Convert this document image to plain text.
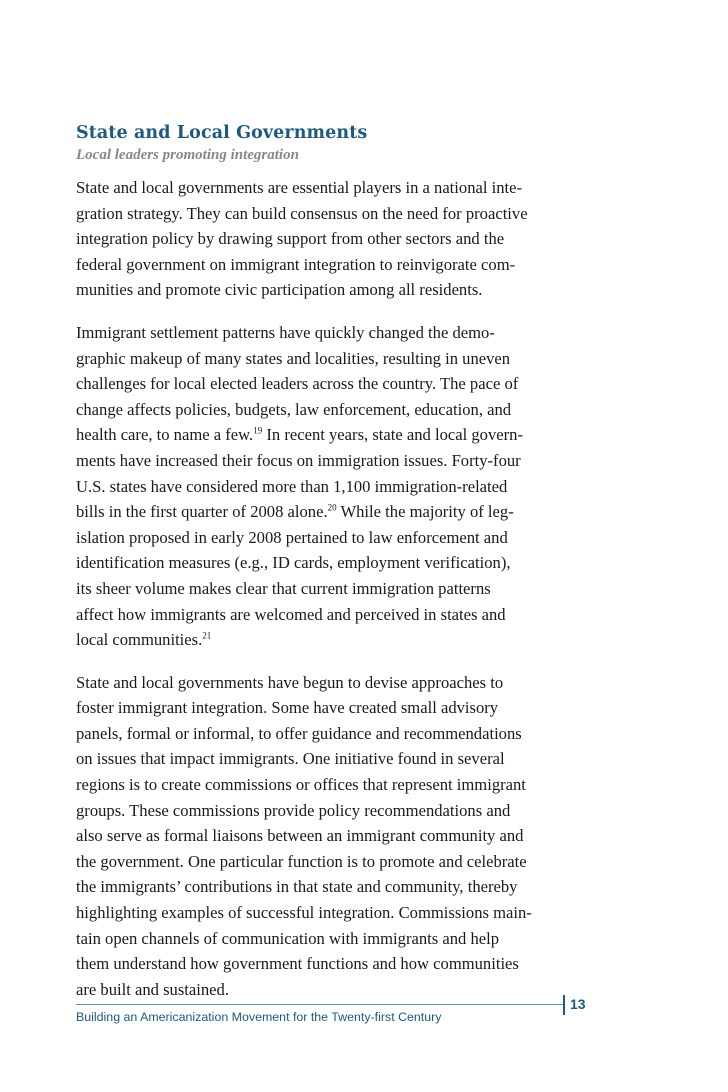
State and Local Governments
Local leaders promoting integration

State and local governments are essential players in a national inte-
gration strategy. They can build consensus on the need for proactive
integration policy by drawing support from other sectors and the
federal government on immigrant integration to reinvigorate com-
munities and promote civic participation among all residents.

Immigrant settlement patterns have quickly changed the demo-
graphic makeup of many states and localities, resulting in uneven
challenges for local elected leaders across the country. The pace of
change affects policies, budgets, law enforcement, education, and
health care, to name a few.$^{19}$ In recent years, state and local govern-
ments have increased their focus on immigration issues. Forty-four
U.S. states have considered more than 1,100 immigration-related
bills in the first quarter of 2008 alone.$^{20}$ While the majority of leg-
islation proposed in early 2008 pertained to law enforcement and
identification measures (e.g., ID cards, employment verification),
its sheer volume makes clear that current immigration patterns
affect how immigrants are welcomed and perceived in states and
local communities.$^{21}$

State and local governments have begun to devise approaches to
foster immigrant integration. Some have created small advisory
panels, formal or informal, to offer guidance and recommendations
on issues that impact immigrants. One initiative found in several
regions is to create commissions or offices that represent immigrant
groups. These commissions provide policy recommendations and
also serve as formal liaisons between an immigrant community and
the government. One particular function is to promote and celebrate
the immigrants’ contributions in that state and community, thereby
highlighting examples of successful integration. Commissions main-
tain open channels of communication with immigrants and help
them understand how government functions and how communities
are built and sustained.

13
Building an Americanization Movement for the Twenty-first Century
